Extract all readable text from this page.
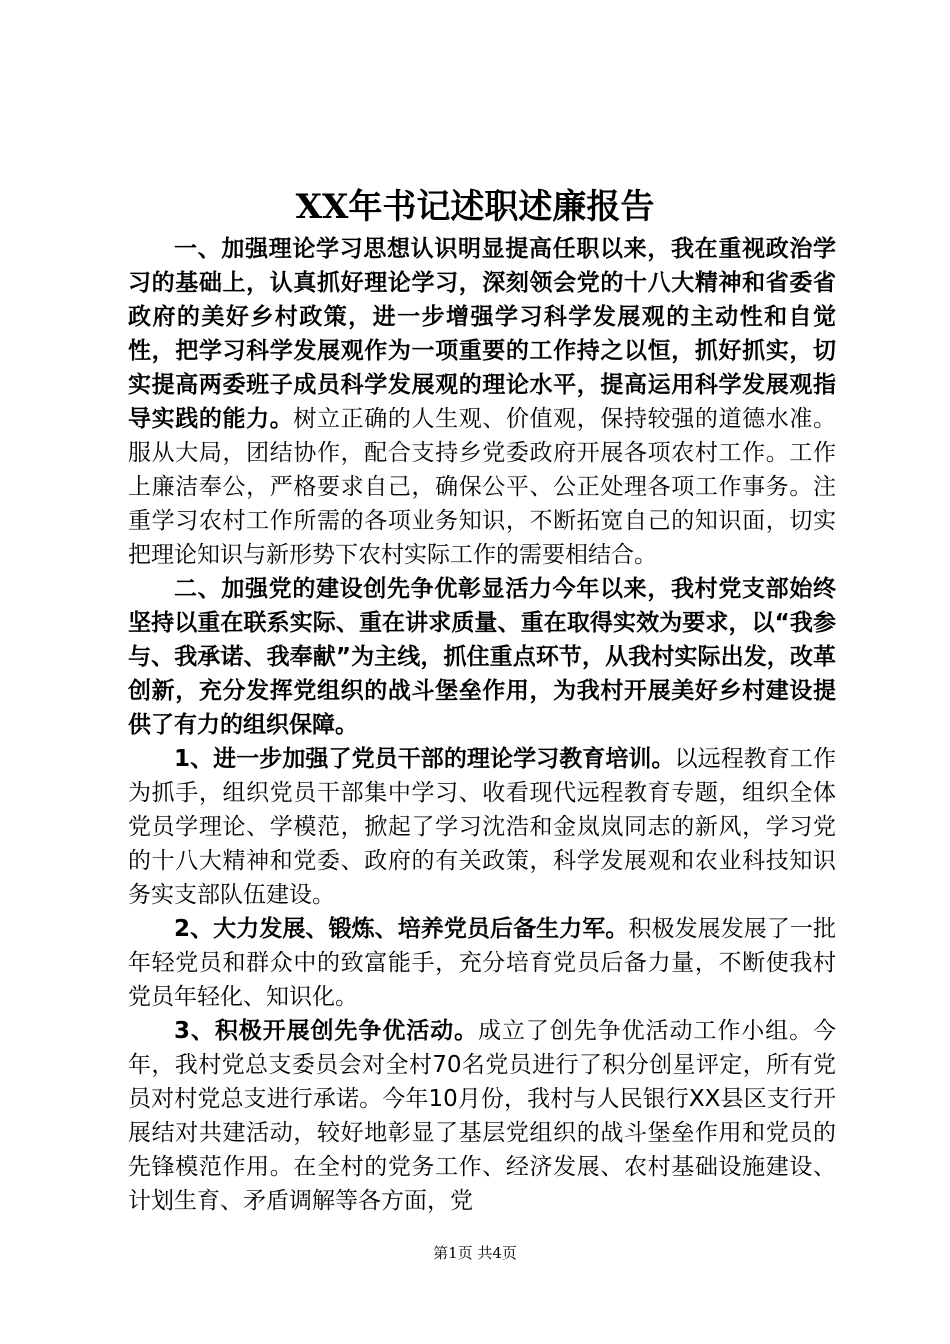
XX年书记述职述廉报告

一、加强理论学习思想认识明显提高任职以来，我在重视政治学习的基础上，认真抓好理论学习，深刻领会党的十八大精神和省委省政府的美好乡村政策，进一步增强学习科学发展观的主动性和自觉性，把学习科学发展观作为一项重要的工作持之以恒，抓好抓实，切实提高两委班子成员科学发展观的理论水平，提高运用科学发展观指导实践的能力。树立正确的人生观、价值观，保持较强的道德水准。服从大局，团结协作，配合支持乡党委政府开展各项农村工作。工作上廉洁奉公，严格要求自己，确保公平、公正处理各项工作事务。注重学习农村工作所需的各项业务知识，不断拓宽自己的知识面，切实把理论知识与新形势下农村实际工作的需要相结合。

二、加强党的建设创先争优彰显活力今年以来，我村党支部始终坚持以重在联系实际、重在讲求质量、重在取得实效为要求，以“我参与、我承诺、我奉献”为主线，抓住重点环节，从我村实际出发，改革创新，充分发挥党组织的战斗堡垒作用，为我村开展美好乡村建设提供了有力的组织保障。

1、进一步加强了党员干部的理论学习教育培训。以远程教育工作为抓手，组织党员干部集中学习、收看现代远程教育专题，组织全体党员学理论、学模范，掀起了学习沈浩和金岚岚同志的新风，学习党的十八大精神和党委、政府的有关政策，科学发展观和农业科技知识务实支部队伍建设。

2、大力发展、锻炼、培养党员后备生力军。积极发展发展了一批年轻党员和群众中的致富能手，充分培育党员后备力量，不断使我村党员年轻化、知识化。

3、积极开展创先争优活动。成立了创先争优活动工作小组。今年，我村党总支委员会对全村70名党员进行了积分创星评定，所有党员对村党总支进行承诺。今年10月份，我村与人民银行XX县区支行开展结对共建活动，较好地彰显了基层党组织的战斗堡垒作用和党员的先锋模范作用。在全村的党务工作、经济发展、农村基础设施建设、计划生育、矛盾调解等各方面，党

第1页 共4页
